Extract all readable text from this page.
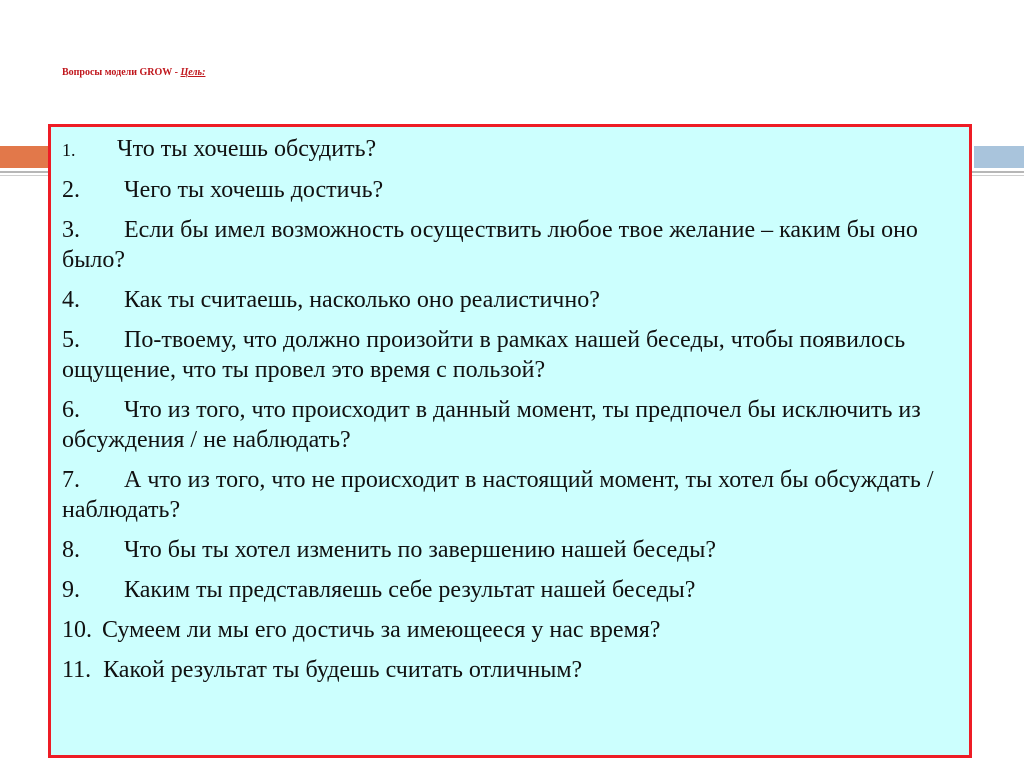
Вопросы модели GROW - Цель:
1. Что ты хочешь обсудить?
2. Чего ты хочешь достичь?
3. Если бы имел возможность осуществить любое твое желание – каким бы оно было?
4. Как ты считаешь, насколько оно реалистично?
5. По-твоему, что должно произойти в рамках нашей беседы, чтобы появилось ощущение, что ты провел это время с пользой?
6. Что из того, что происходит в данный момент, ты предпочел бы исключить из обсуждения / не наблюдать?
7. А что из того, что не происходит в настоящий момент, ты хотел бы обсуждать / наблюдать?
8. Что бы ты хотел изменить по завершению нашей беседы?
9. Каким ты представляешь себе результат нашей беседы?
10. Сумеем ли мы его достичь за имеющееся у нас время?
11. Какой результат ты будешь считать отличным?
